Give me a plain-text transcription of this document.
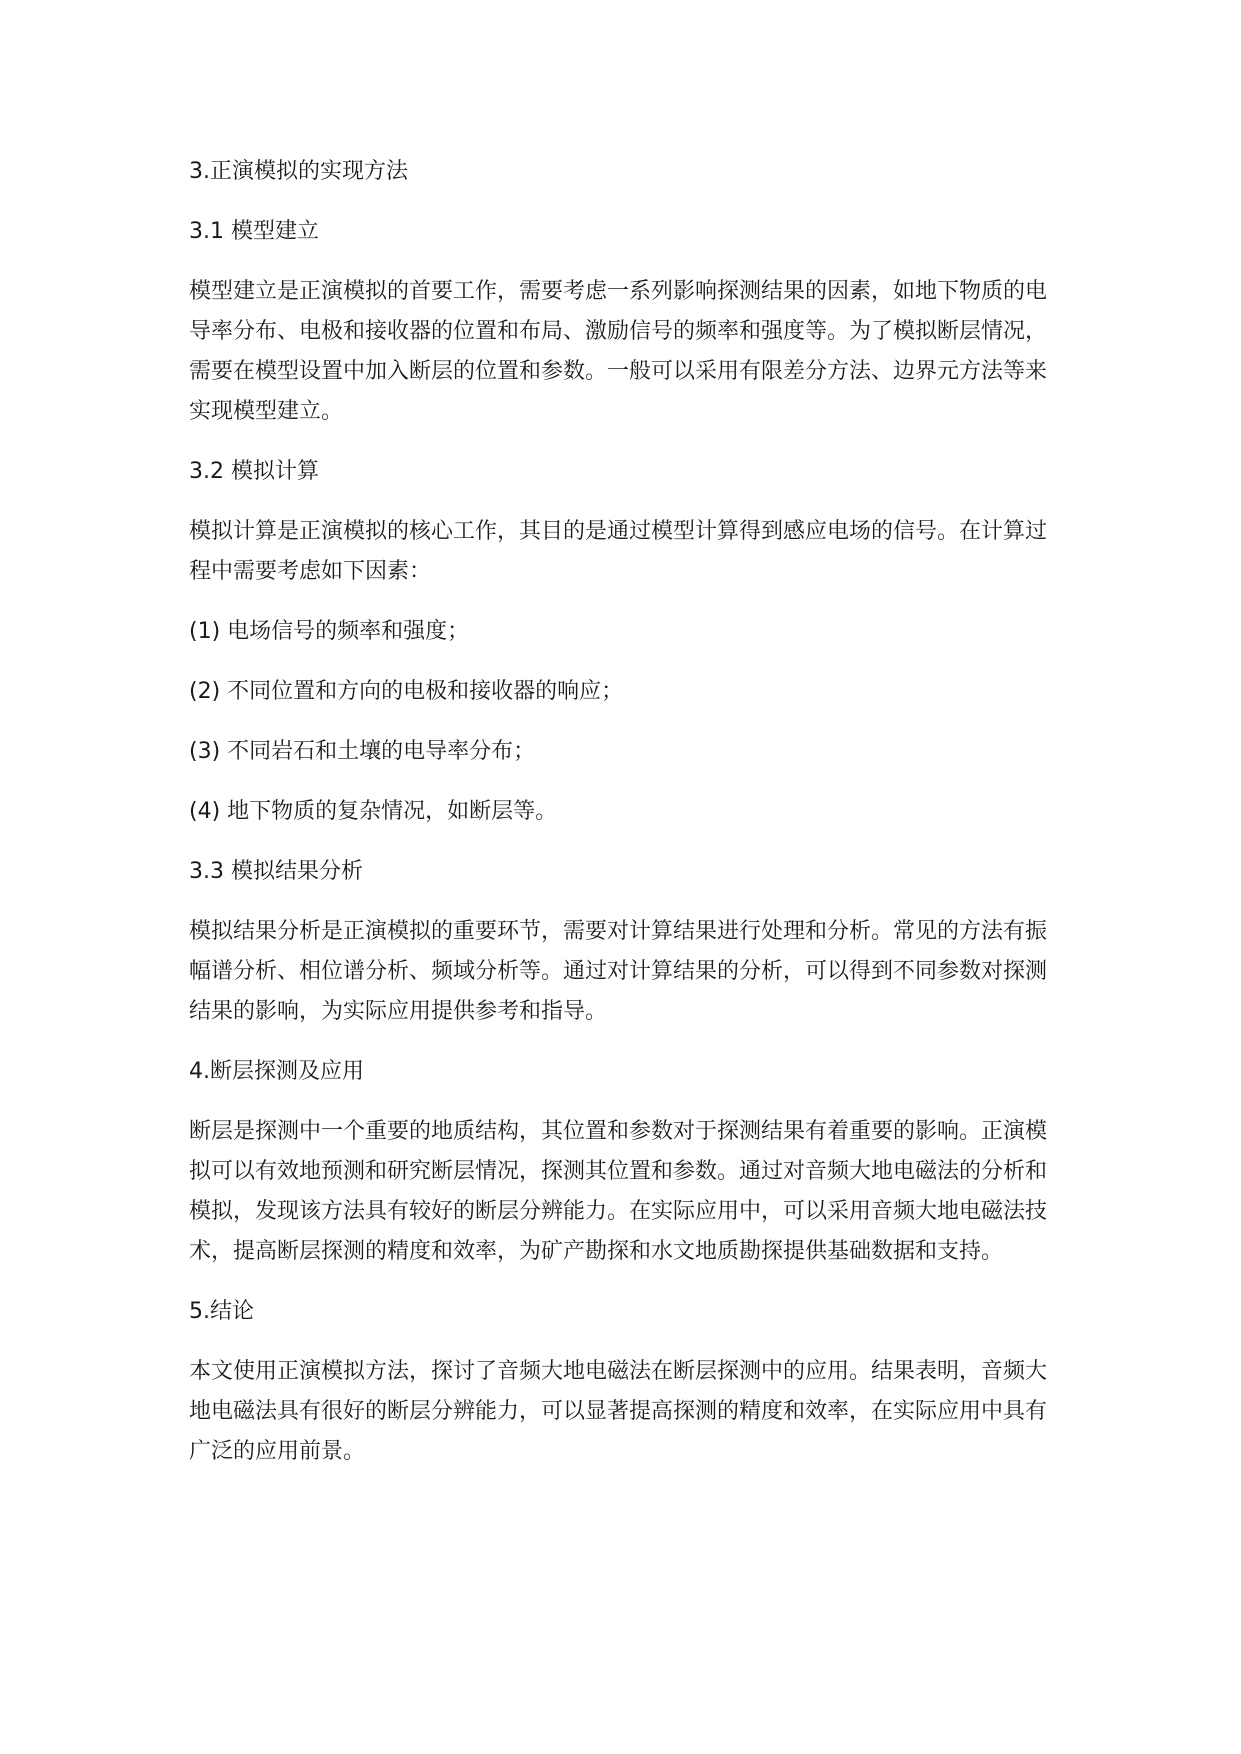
3.正演模拟的实现方法
3.1 模型建立
模型建立是正演模拟的首要工作，需要考虑一系列影响探测结果的因素，如地下物质的电导率分布、电极和接收器的位置和布局、激励信号的频率和强度等。为了模拟断层情况，需要在模型设置中加入断层的位置和参数。一般可以采用有限差分方法、边界元方法等来实现模型建立。
3.2 模拟计算
模拟计算是正演模拟的核心工作，其目的是通过模型计算得到感应电场的信号。在计算过程中需要考虑如下因素：
(1) 电场信号的频率和强度；
(2) 不同位置和方向的电极和接收器的响应；
(3) 不同岩石和土壤的电导率分布；
(4) 地下物质的复杂情况，如断层等。
3.3 模拟结果分析
模拟结果分析是正演模拟的重要环节，需要对计算结果进行处理和分析。常见的方法有振幅谱分析、相位谱分析、频域分析等。通过对计算结果的分析，可以得到不同参数对探测结果的影响，为实际应用提供参考和指导。
4.断层探测及应用
断层是探测中一个重要的地质结构，其位置和参数对于探测结果有着重要的影响。正演模拟可以有效地预测和研究断层情况，探测其位置和参数。通过对音频大地电磁法的分析和模拟，发现该方法具有较好的断层分辨能力。在实际应用中，可以采用音频大地电磁法技术，提高断层探测的精度和效率，为矿产勘探和水文地质勘探提供基础数据和支持。
5.结论
本文使用正演模拟方法，探讨了音频大地电磁法在断层探测中的应用。结果表明，音频大地电磁法具有很好的断层分辨能力，可以显著提高探测的精度和效率，在实际应用中具有广泛的应用前景。
